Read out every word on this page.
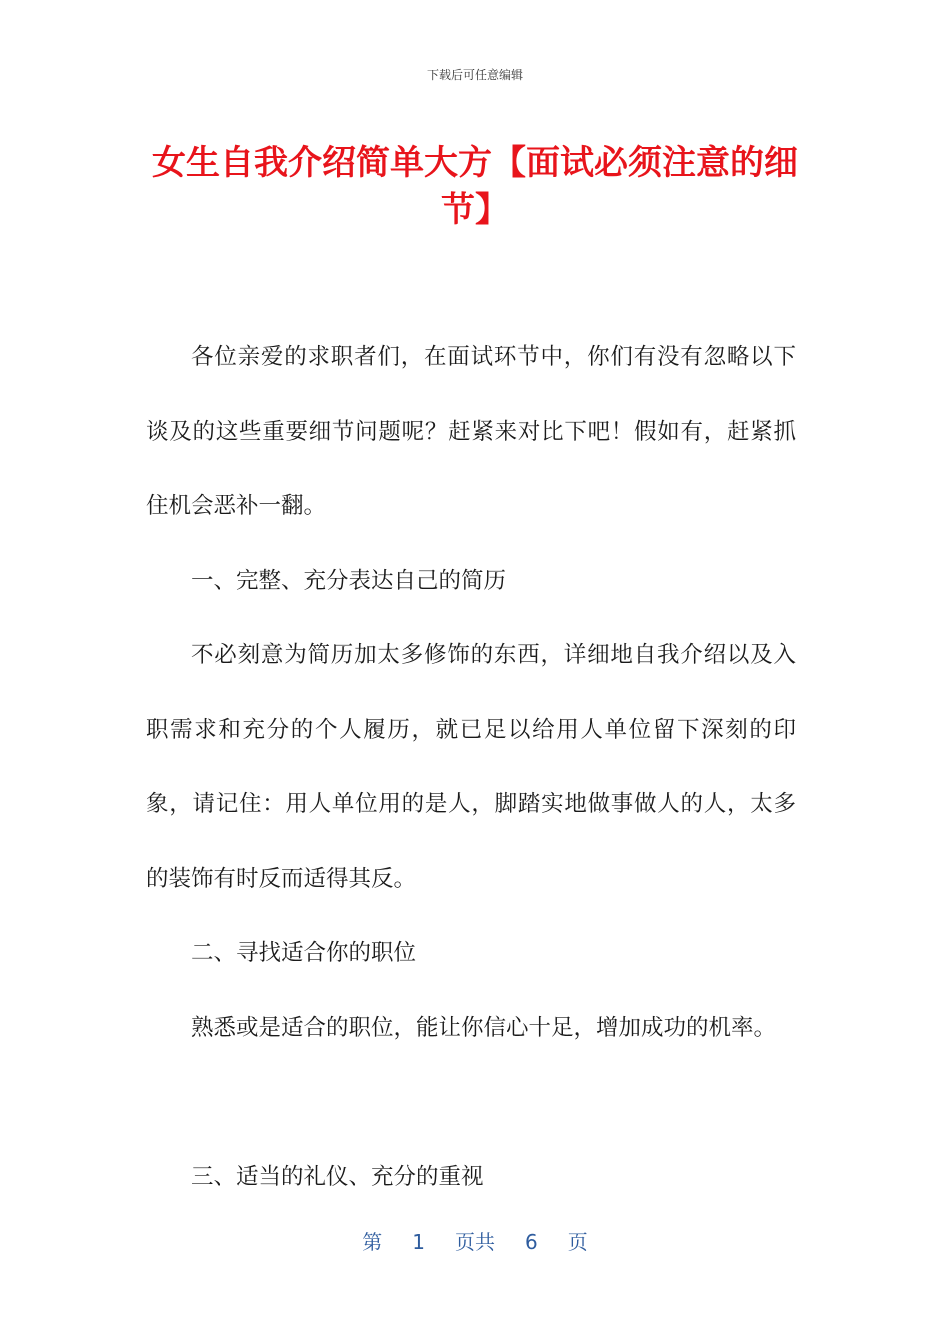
下载后可任意编辑
女生自我介绍简单大方【面试必须注意的细节】

各位亲爱的求职者们，在面试环节中，你们有没有忽略以下谈及的这些重要细节问题呢？赶紧来对比下吧！假如有，赶紧抓住机会恶补一翻。

一、完整、充分表达自己的简历

不必刻意为简历加太多修饰的东西，详细地自我介绍以及入职需求和充分的个人履历，就已足以给用人单位留下深刻的印象，请记住：用人单位用的是人，脚踏实地做事做人的人，太多的装饰有时反而适得其反。

二、寻找适合你的职位

熟悉或是适合的职位，能让你信心十足，增加成功的机率。

三、适当的礼仪、充分的重视

第 1 页共 6 页
